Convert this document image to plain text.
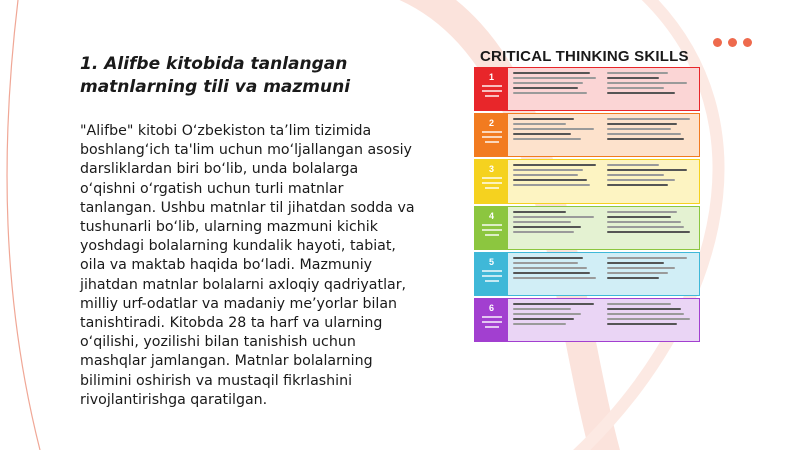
1. Alifbe kitobida tanlangan matnlarning tili va mazmuni

"Alifbe" kitobi O‘zbekiston ta’lim tizimida boshlang‘ich ta'lim uchun mo‘ljallangan asosiy darsliklardan biri bo‘lib, unda bolalarga o‘qishni o‘rgatish uchun turli matnlar tanlangan. Ushbu matnlar til jihatdan sodda va tushunarli bo‘lib, ularning mazmuni kichik yoshdagi bolalarning kundalik hayoti, tabiat, oila va maktab haqida bo‘ladi. Mazmuniy jihatdan matnlar bolalarni axloqiy qadriyatlar, milliy urf-odatlar va madaniy me’yorlar bilan tanishtiradi. Kitobda 28 ta harf va ularning o‘qilishi, yozilishi bilan tanishish uchun mashqlar jamlangan. Matnlar bolalarning bilimini oshirish va mustaqil fikrlashini rivojlantirishga qaratilgan.

CRITICAL THINKING SKILLS
1
2
3
4
5
6
